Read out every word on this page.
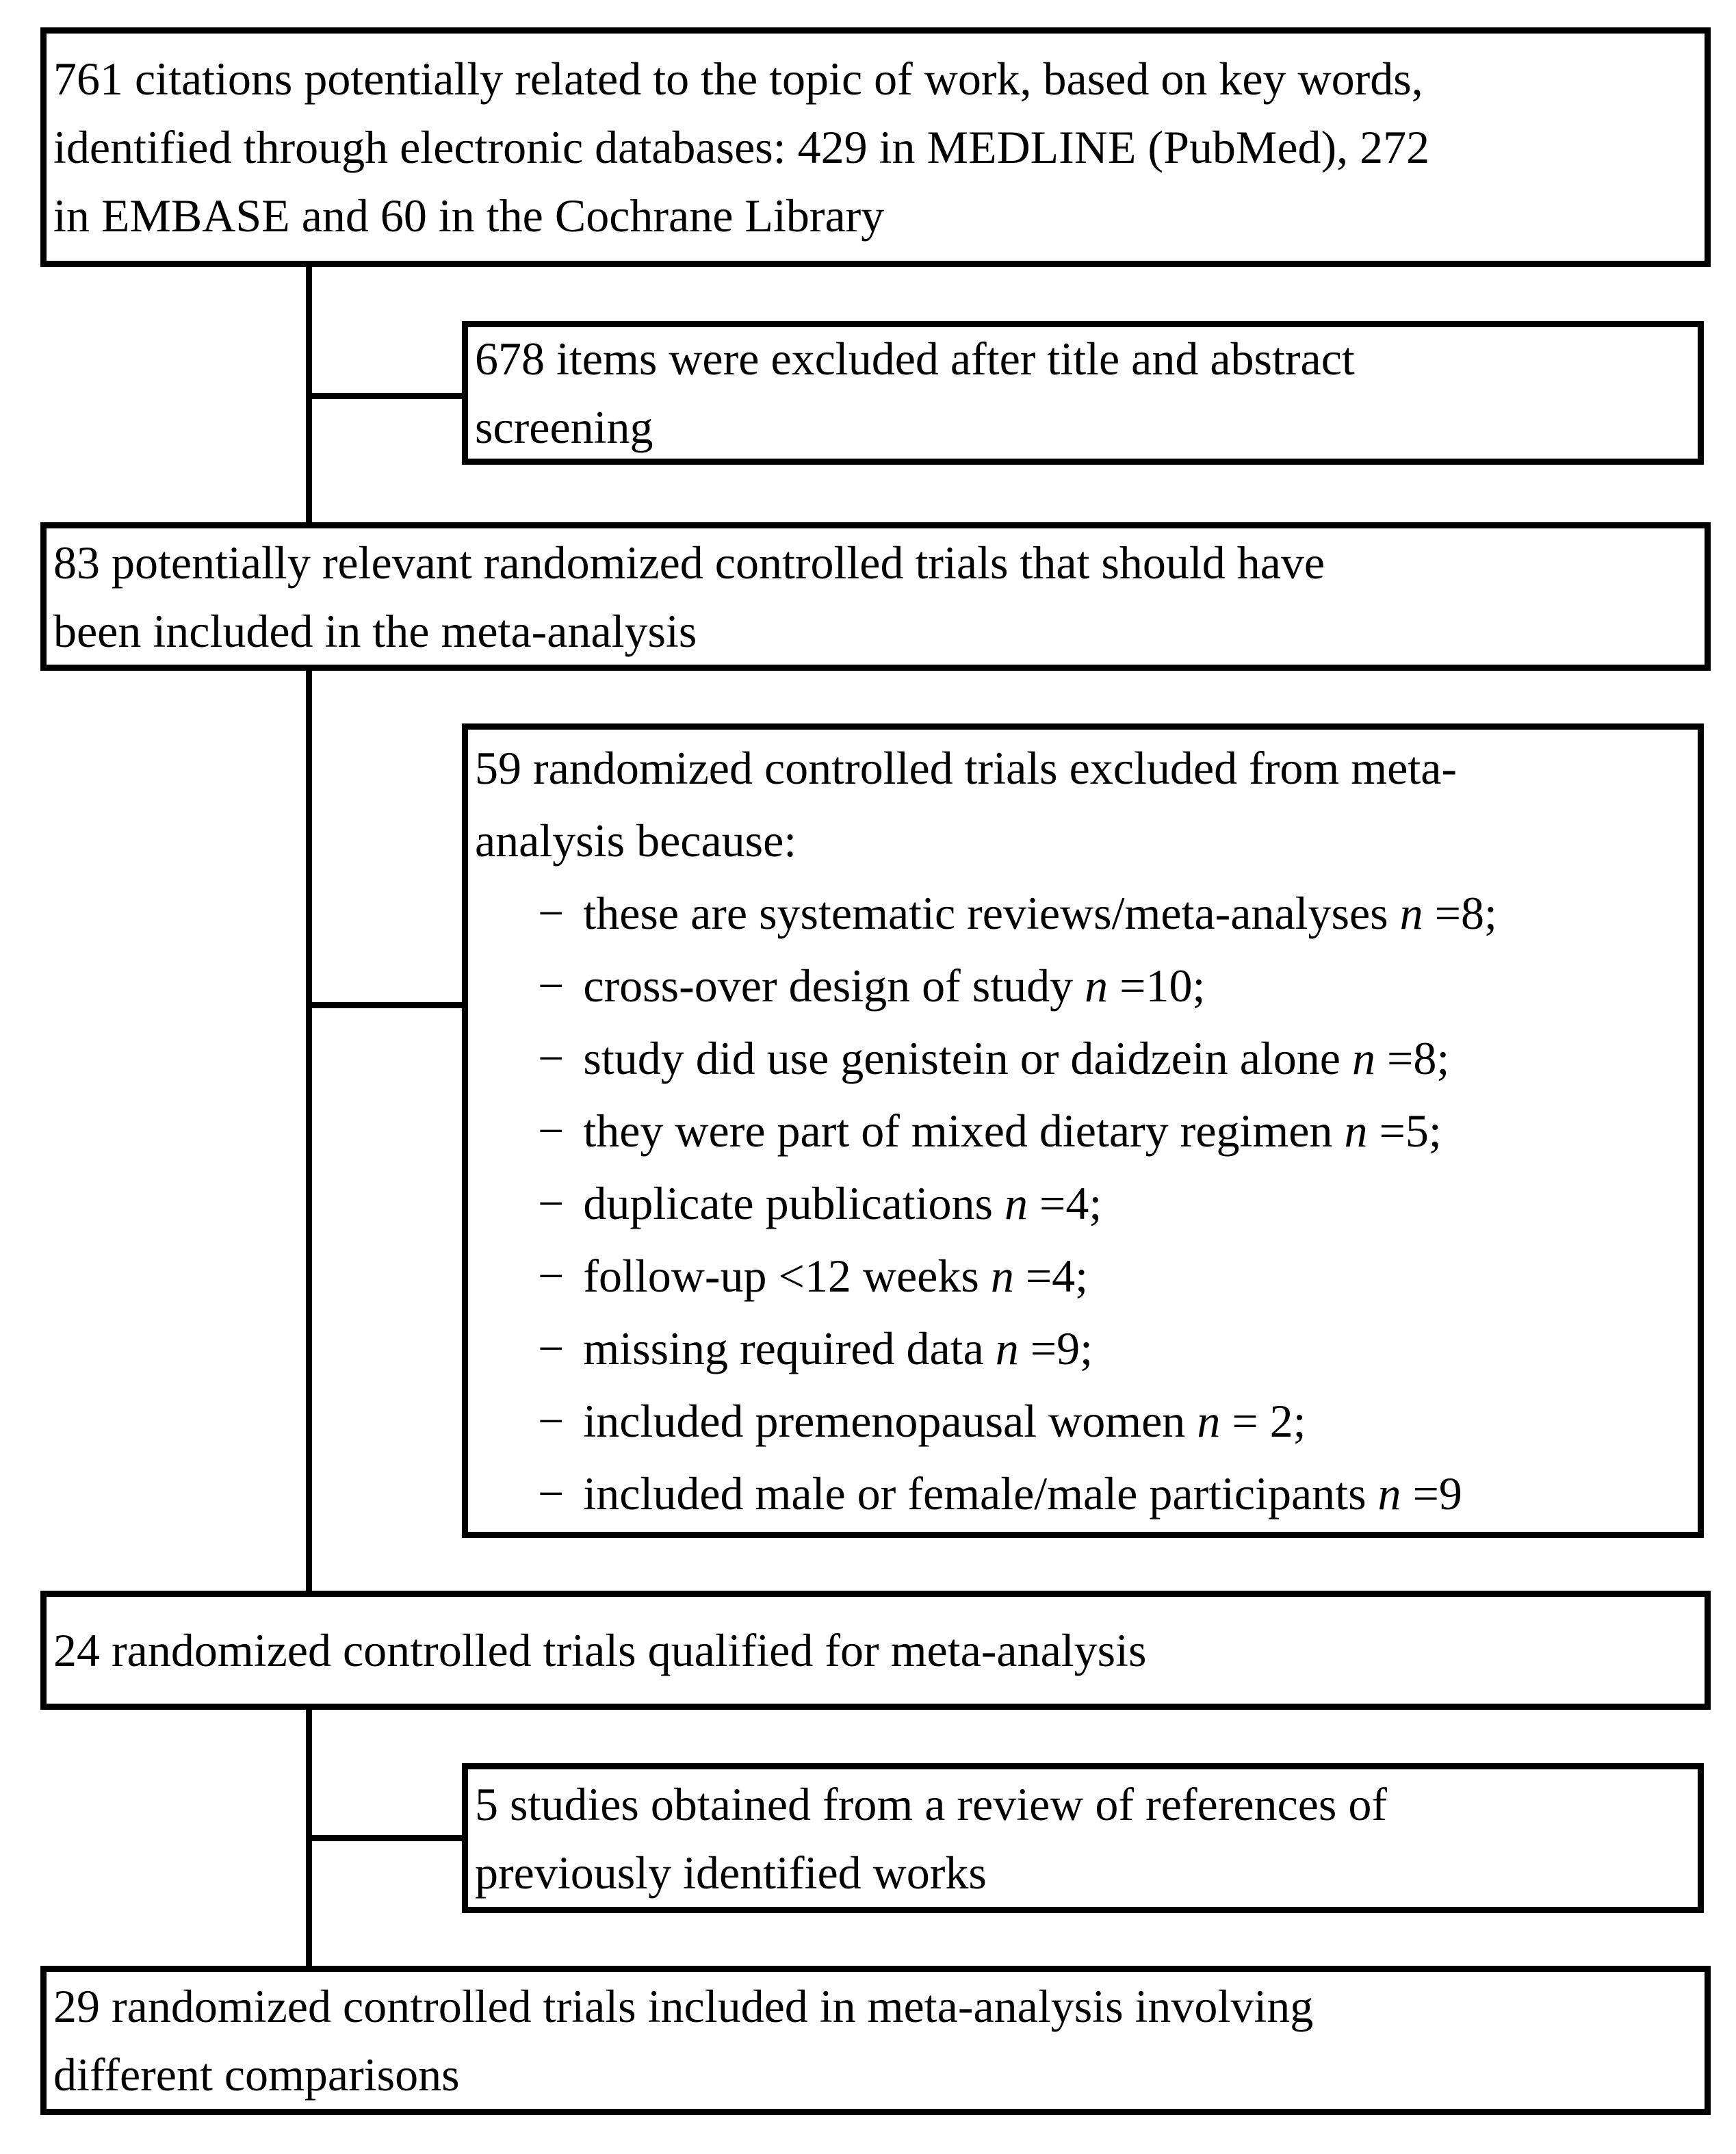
761 citations potentially related to the topic of work, based on key words,
identified through electronic databases: 429 in MEDLINE (PubMed), 272
in EMBASE and 60 in the Cochrane Library
678 items were excluded after title and abstract
screening
83 potentially relevant randomized controlled trials that should have
been included in the meta-analysis
59 randomized controlled trials excluded from meta-
analysis because:
− these are systematic reviews/meta-analyses n =8;
− cross-over design of study n =10;
− study did use genistein or daidzein alone n =8;
− they were part of mixed dietary regimen n =5;
− duplicate publications n =4;
− follow-up <12 weeks n =4;
− missing required data n =9;
− included premenopausal women n = 2;
− included male or female/male participants n =9
24 randomized controlled trials qualified for meta-analysis
5 studies obtained from a review of references of
previously identified works
29 randomized controlled trials included in meta-analysis involving
different comparisons
